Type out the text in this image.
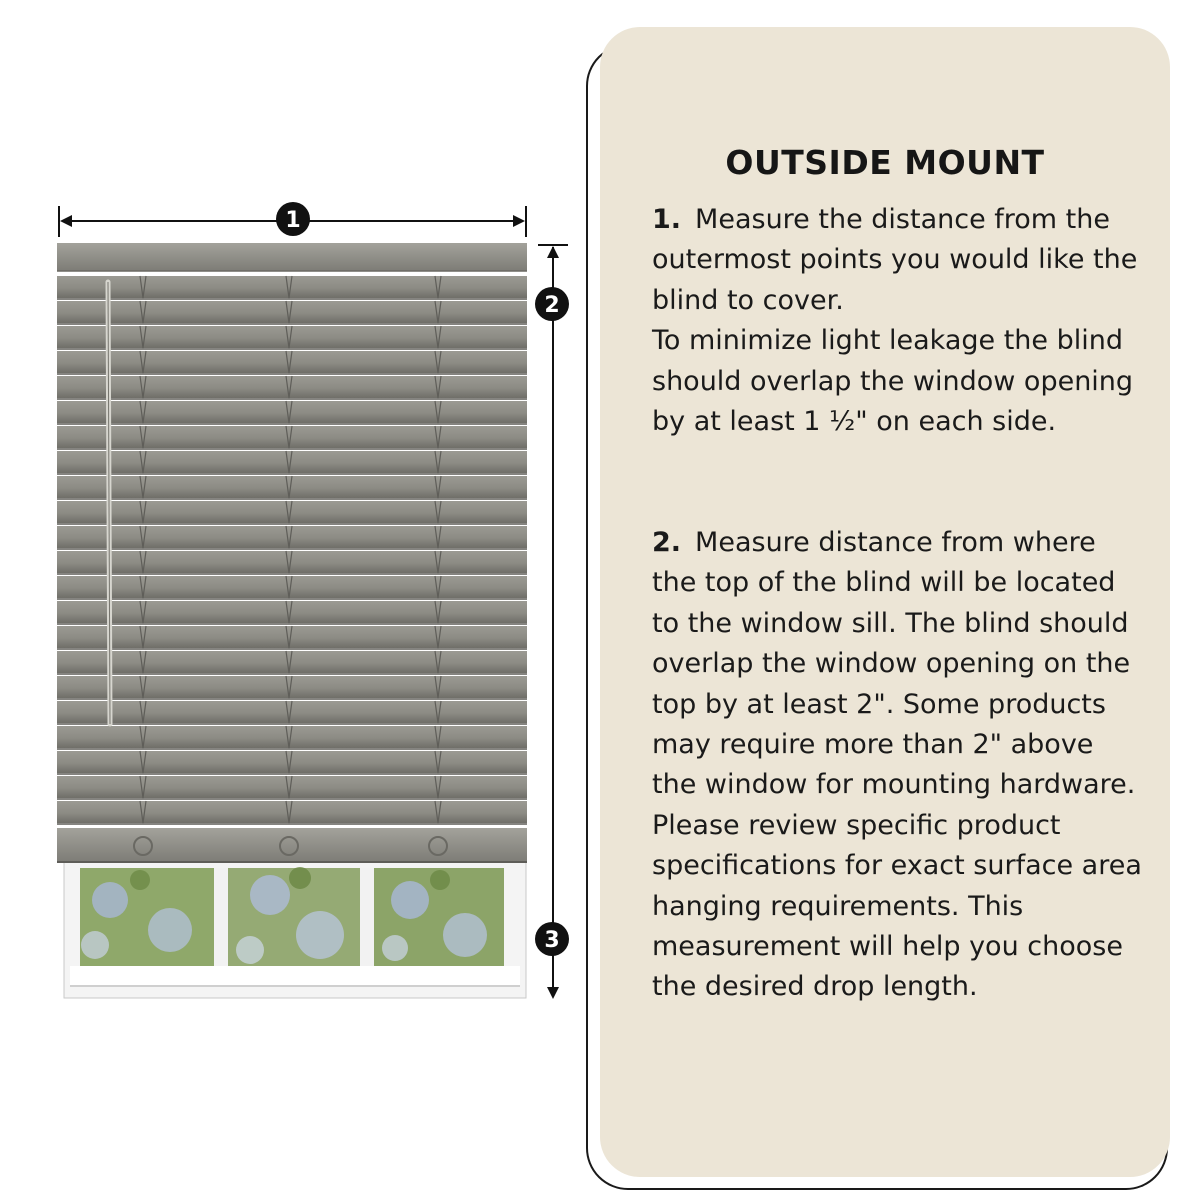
1
2
3
OUTSIDE MOUNT

1. Measure the distance from the outermost points you would like the blind to cover.
To minimize light leakage the blind should overlap the window opening by at least 1 ½" on each side.

2. Measure distance from where the top of the blind will be located to the window sill. The blind should overlap the window opening on the top by at least 2". Some products may require more than 2" above the window for mounting hardware. Please review specific product specifications for exact surface area hanging requirements. This measurement will help you choose the desired drop length.
